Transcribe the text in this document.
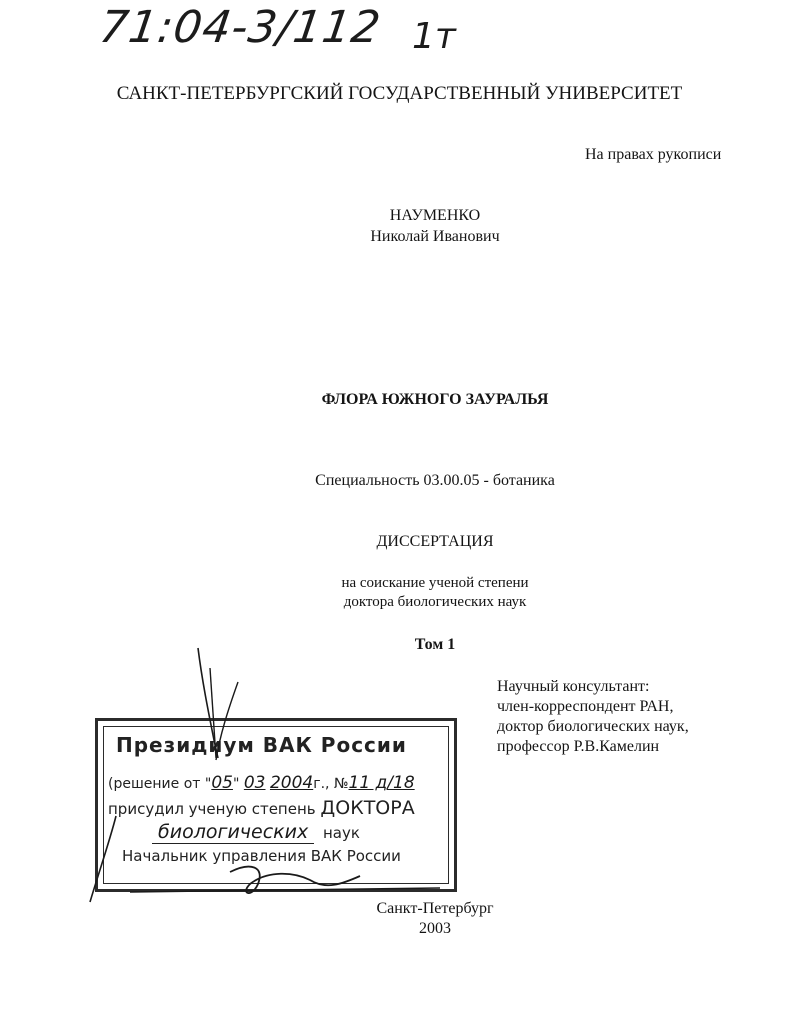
71:04-3/112 1т
САНКТ-ПЕТЕРБУРГСКИЙ ГОСУДАРСТВЕННЫЙ УНИВЕРСИТЕТ
На правах рукописи
НАУМЕНКО
Николай Иванович
ФЛОРА ЮЖНОГО ЗАУРАЛЬЯ
Специальность 03.00.05 - ботаника
ДИССЕРТАЦИЯ
на соискание ученой степени
доктора биологических наук
Том 1
Научный консультант:
член-корреспондент РАН,
доктор биологических наук,
профессор Р.В.Камелин
Президиум ВАК России
(решение от "05" 03 2004г., №11 д/18
присудил ученую степень ДОКТОРА
биологических наук
Начальник управления ВАК России
Санкт-Петербург
2003
